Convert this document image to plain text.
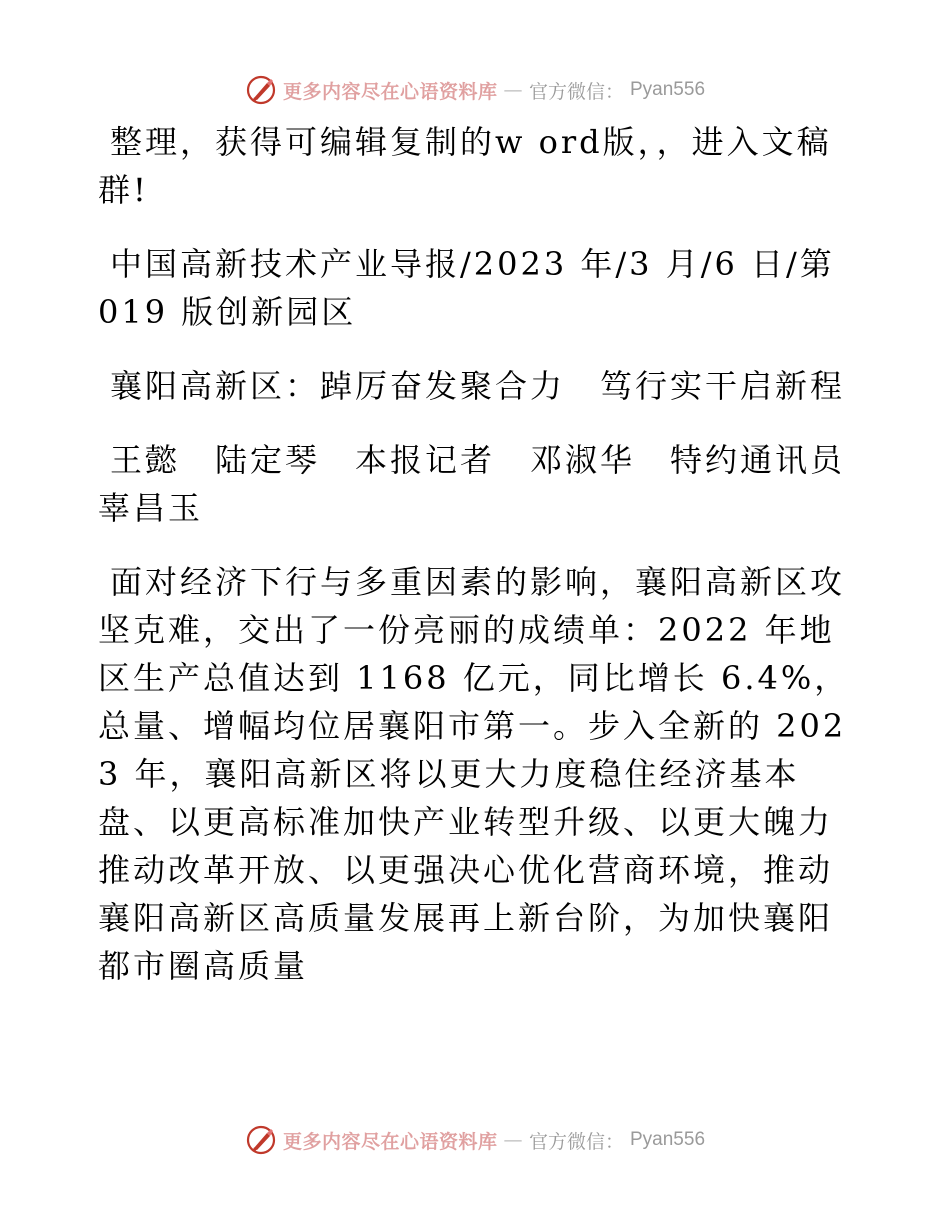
更多内容尽在心语资料库 — 官方微信： Pyan556

整理，获得可编辑复制的w ord版，，进入文稿群!

中国高新技术产业导报/2023 年/3 月/6 日/第 019 版创新园区

襄阳高新区：踔厉奋发聚合力　笃行实干启新程

王懿　陆定琴　本报记者　邓淑华　特约通讯员　辜昌玉

面对经济下行与多重因素的影响，襄阳高新区攻坚克难，交出了一份亮丽的成绩单：2022 年地区生产总值达到 1168 亿元，同比增长 6.4%，总量、增幅均位居襄阳市第一。步入全新的 2023 年，襄阳高新区将以更大力度稳住经济基本盘、以更高标准加快产业转型升级、以更大魄力推动改革开放、以更强决心优化营商环境，推动襄阳高新区高质量发展再上新台阶，为加快襄阳都市圈高质量

更多内容尽在心语资料库 — 官方微信： Pyan556
